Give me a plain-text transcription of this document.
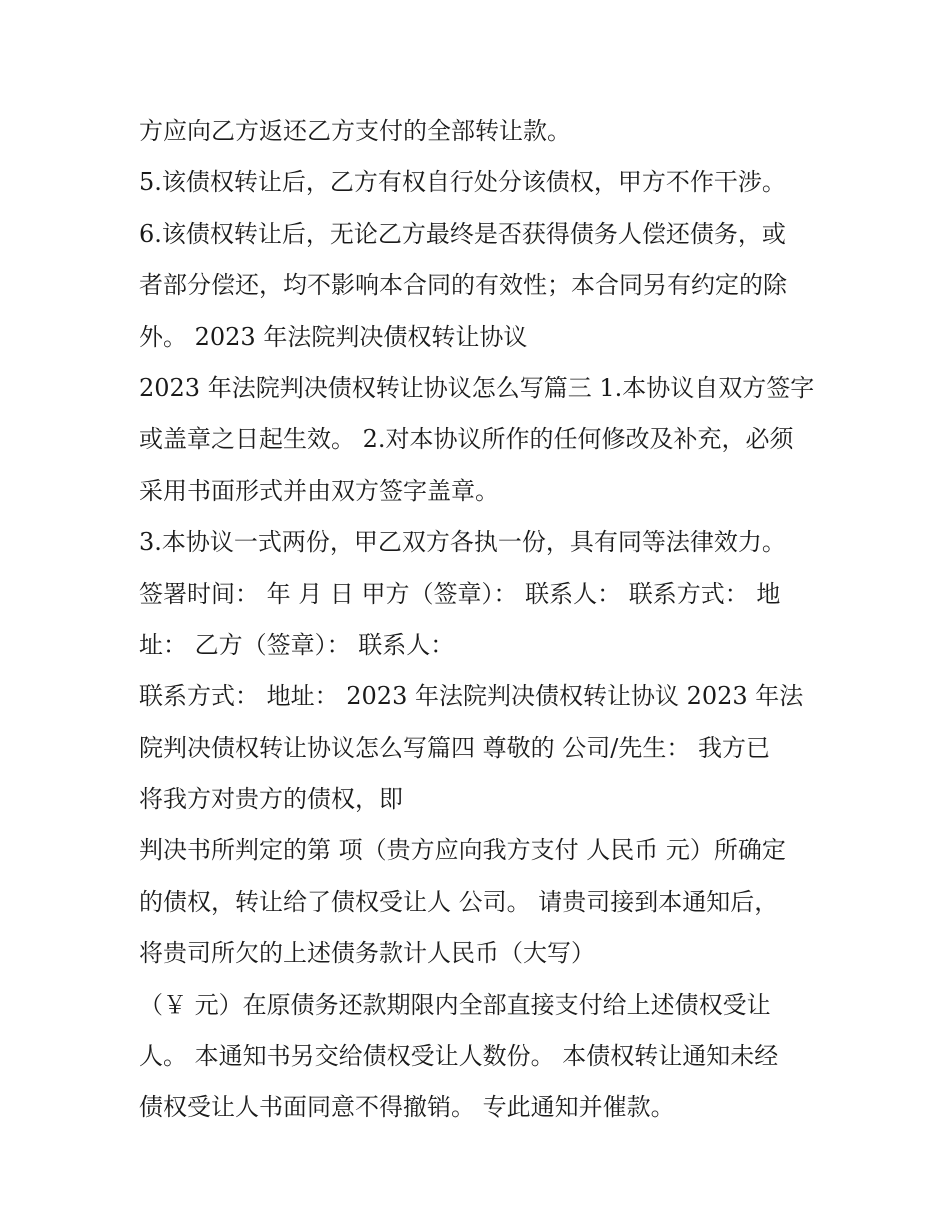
方应向乙方返还乙方支付的全部转让款。
5.该债权转让后，乙方有权自行处分该债权，甲方不作干涉。
6.该债权转让后，无论乙方最终是否获得债务人偿还债务，或
者部分偿还，均不影响本合同的有效性；本合同另有约定的除
外。 2023 年法院判决债权转让协议
2023 年法院判决债权转让协议怎么写篇三 1.本协议自双方签字
或盖章之日起生效。 2.对本协议所作的任何修改及补充，必须
采用书面形式并由双方签字盖章。
3.本协议一式两份，甲乙双方各执一份，具有同等法律效力。
签署时间： 年 月 日 甲方（签章）： 联系人： 联系方式： 地
址： 乙方（签章）： 联系人：
联系方式： 地址： 2023 年法院判决债权转让协议 2023 年法
院判决债权转让协议怎么写篇四 尊敬的 公司/先生： 我方已
将我方对贵方的债权，即
判决书所判定的第 项（贵方应向我方支付 人民币 元）所确定
的债权，转让给了债权受让人 公司。 请贵司接到本通知后，
将贵司所欠的上述债务款计人民币（大写）
（￥ 元）在原债务还款期限内全部直接支付给上述债权受让
人。 本通知书另交给债权受让人数份。 本债权转让通知未经
债权受让人书面同意不得撤销。 专此通知并催款。
